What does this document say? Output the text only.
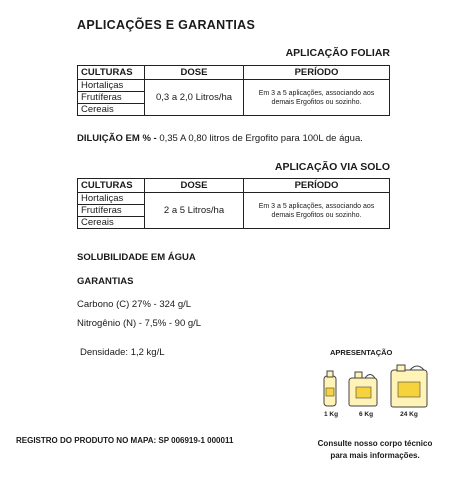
APLICAÇÕES E GARANTIAS
APLICAÇÃO FOLIAR
CULTURAS	DOSE	PERÍODO
Hortaliças	0,3 a 2,0 Litros/ha	Em 3 a 5 aplicações, associando aos demais Ergofitos ou sozinho.
Frutíferas		
Cereais		
DILUIÇÃO EM % - 0,35 A 0,80 litros de Ergofito para 100L de água.
APLICAÇÃO VIA SOLO
CULTURAS	DOSE	PERÍODO
Hortaliças	2 a 5 Litros/ha	Em 3 a 5 aplicações, associando aos demais Ergofitos ou sozinho.
Frutíferas		
Cereais		
SOLUBILIDADE EM ÁGUA
GARANTIAS
Carbono (C) 27% - 324 g/L
Nitrogênio (N) - 7,5% - 90 g/L
Densidade: 1,2 kg/L	APRESENTAÇÃO
1 Kg	6 Kg	24 Kg
REGISTRO DO PRODUTO NO MAPA: SP 006919-1 000011	Consulte nosso corpo técnico
para mais informações.
